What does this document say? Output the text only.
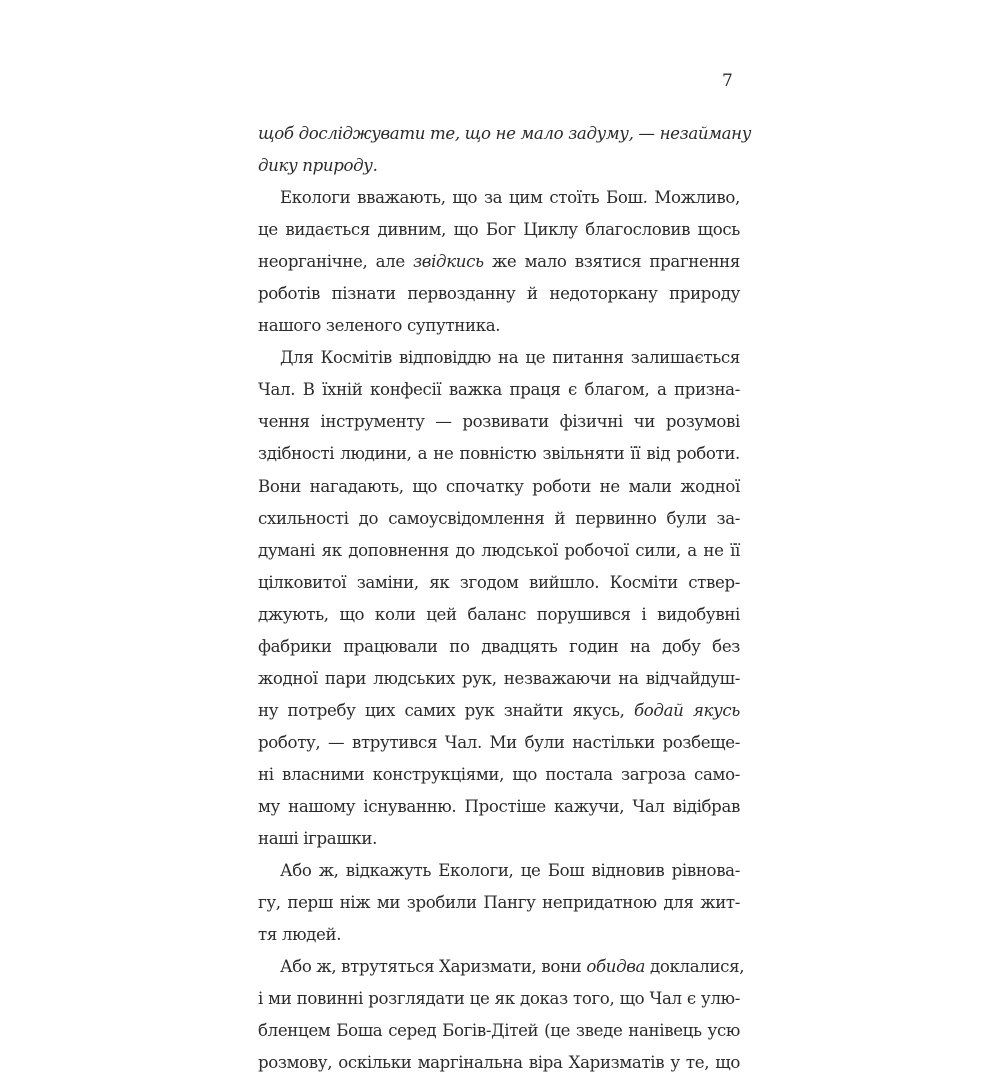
7
щоб досліджувати те, що не мало задуму, — незайману
дику природу.
Екологи вважають, що за цим стоїть Бош. Можливо,
це видається дивним, що Бог Циклу благословив щось
неорганічне, але звідкись же мало взятися прагнення
роботів пізнати первозданну й недоторкану природу
нашого зеленого супутника.
Для Космітів відповіддю на це питання залишається
Чал. В їхній конфесії важка праця є благом, а призна-
чення інструменту — розвивати фізичні чи розумові
здібності людини, а не повністю звільняти її від роботи.
Вони нагадають, що спочатку роботи не мали жодної
схильності до самоусвідомлення й первинно були за-
думані як доповнення до людської робочої сили, а не її
цілковитої заміни, як згодом вийшло. Косміти ствер-
джують, що коли цей баланс порушився і видобувні
фабрики працювали по двадцять годин на добу без
жодної пари людських рук, незважаючи на відчайдуш-
ну потребу цих самих рук знайти якусь, бодай якусь
роботу, — втрутився Чал. Ми були настільки розбеще-
ні власними конструкціями, що постала загроза само-
му нашому існуванню. Простіше кажучи, Чал відібрав
наші іграшки.
Або ж, відкажуть Екологи, це Бош відновив рівнова-
гу, перш ніж ми зробили Пангу непридатною для жит-
тя людей.
Або ж, втрутяться Харизмати, вони обидва доклалися,
і ми повинні розглядати це як доказ того, що Чал є улю-
бленцем Боша серед Богів-Дітей (це зведе нанівець усю
розмову, оскільки маргінальна віра Харизматів у те, що
